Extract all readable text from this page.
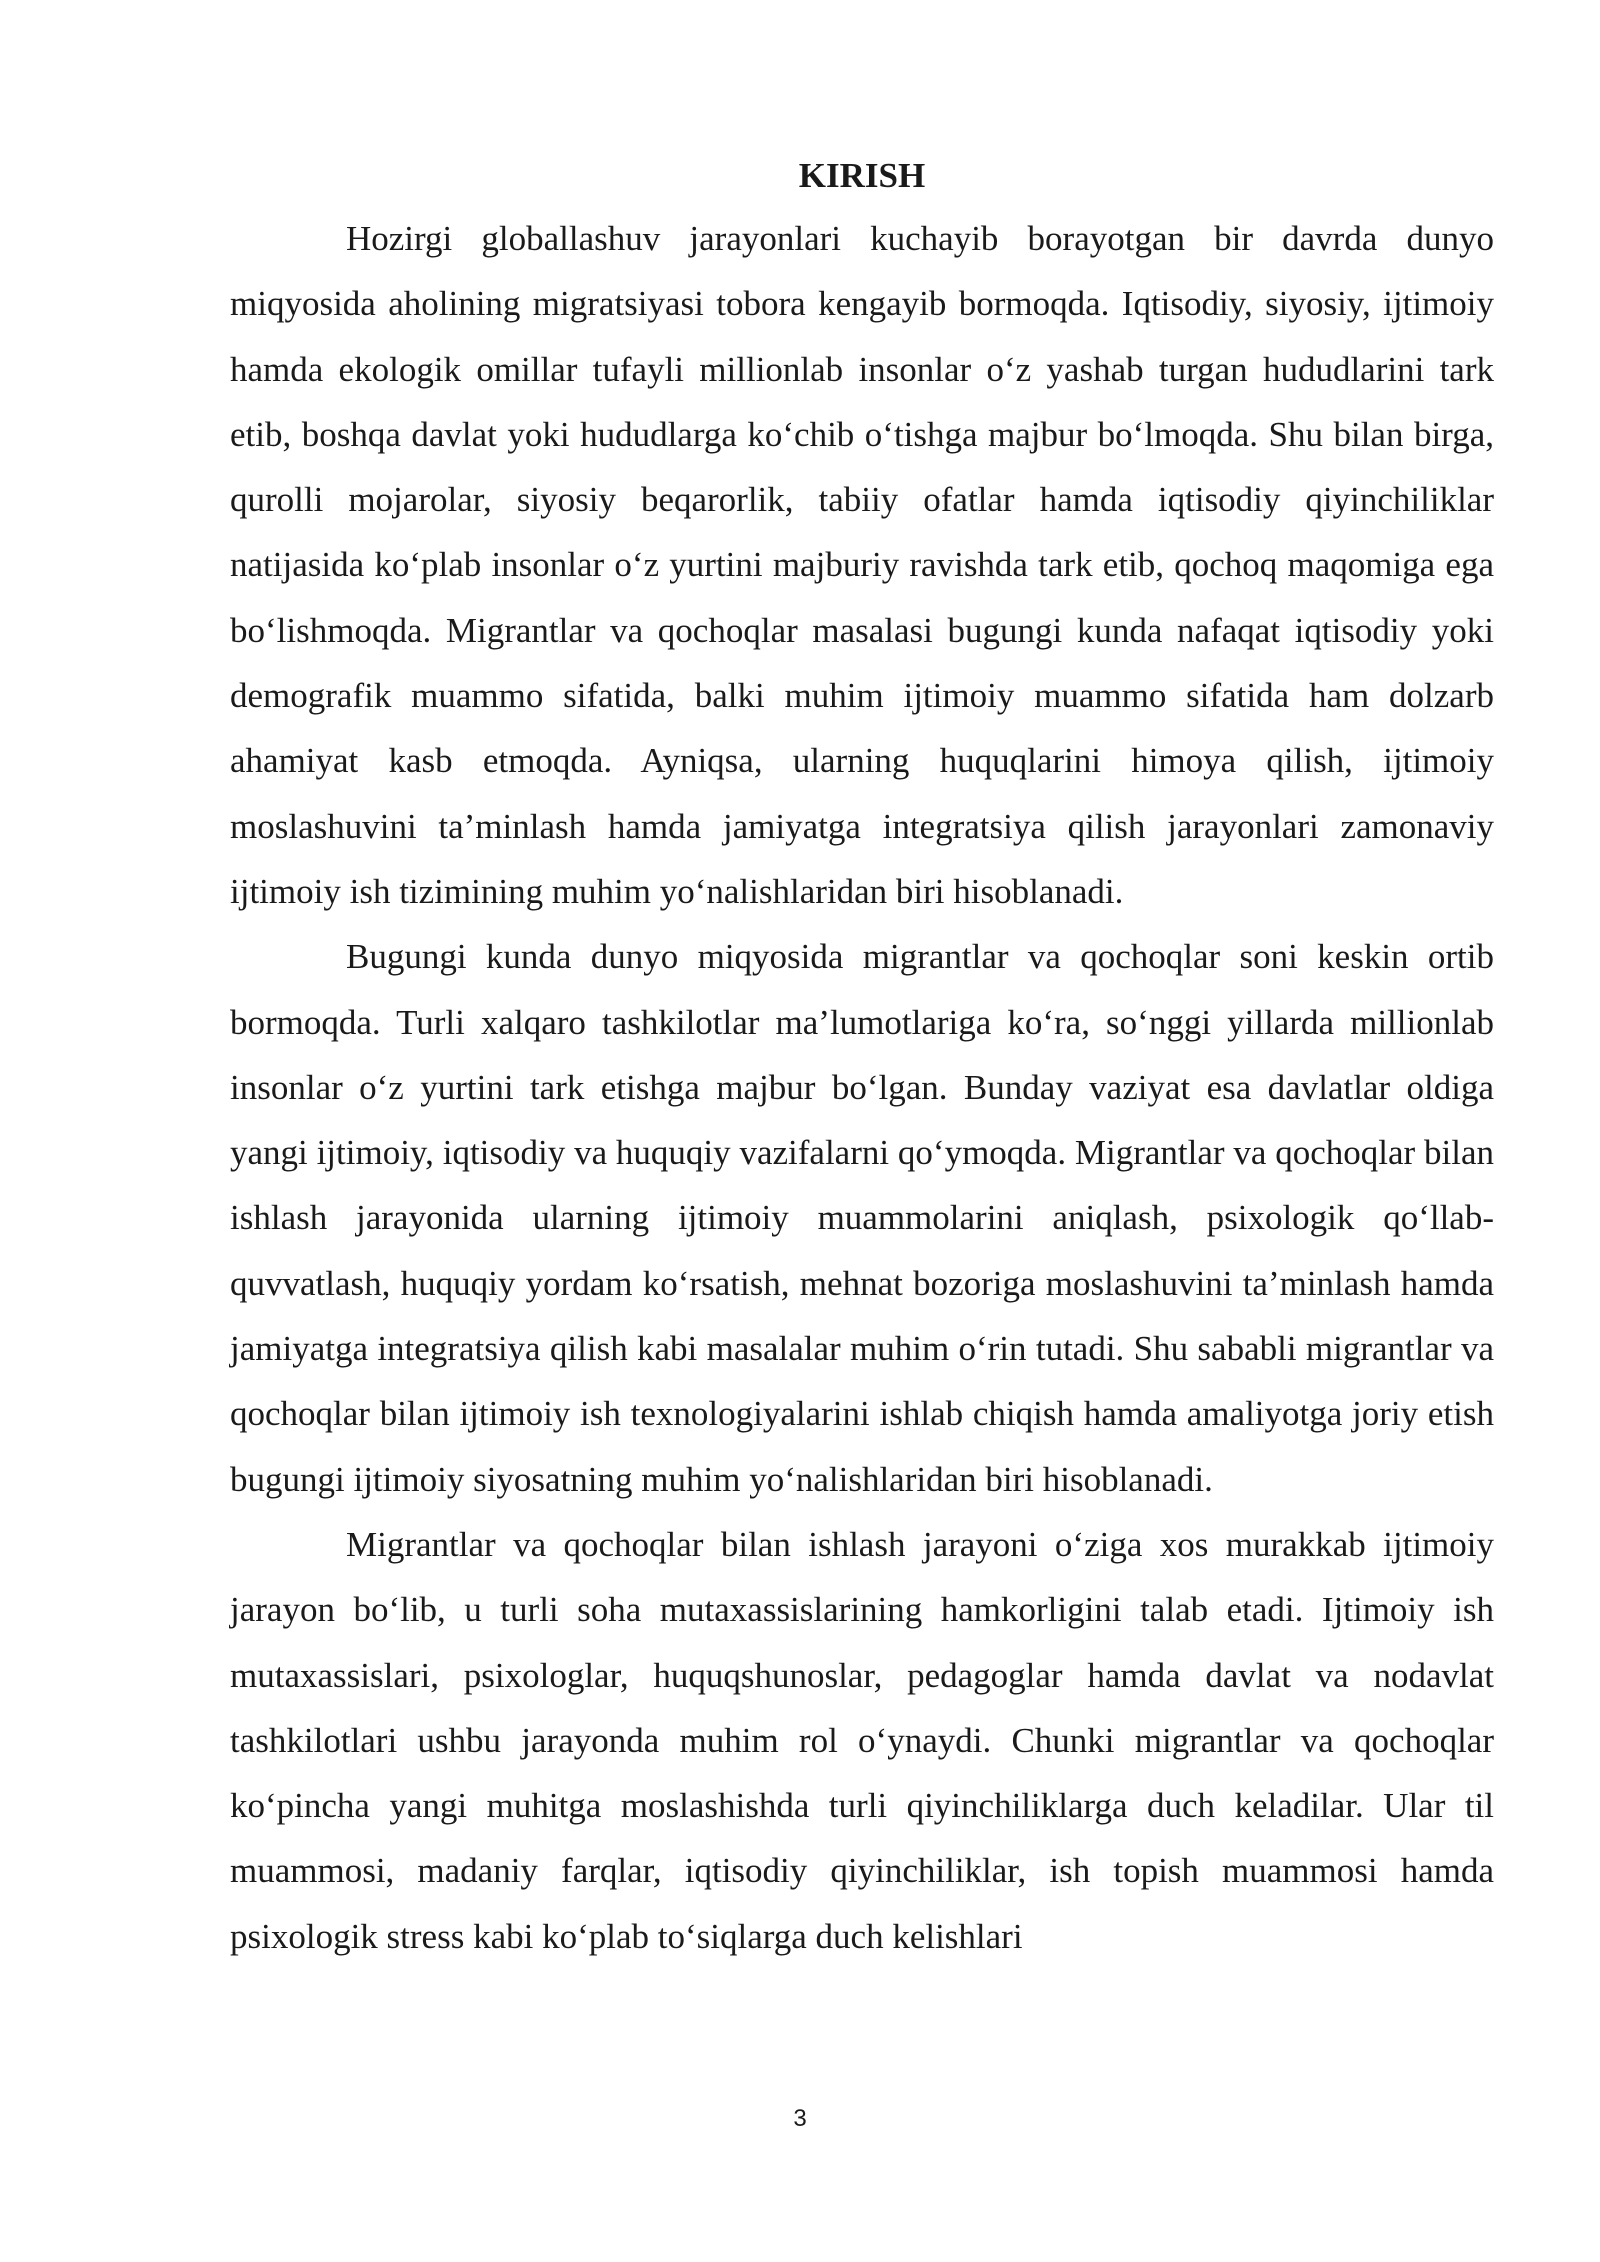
KIRISH

Hozirgi globallashuv jarayonlari kuchayib borayotgan bir davrda dunyo miqyosida aholining migratsiyasi tobora kengayib bormoqda. Iqtisodiy, siyosiy, ijtimoiy hamda ekologik omillar tufayli millionlab insonlar o‘z yashab turgan hududlarini tark etib, boshqa davlat yoki hududlarga ko‘chib o‘tishga majbur bo‘lmoqda. Shu bilan birga, qurolli mojarolar, siyosiy beqarorlik, tabiiy ofatlar hamda iqtisodiy qiyinchiliklar natijasida ko‘plab insonlar o‘z yurtini majburiy ravishda tark etib, qochoq maqomiga ega bo‘lishmoqda. Migrantlar va qochoqlar masalasi bugungi kunda nafaqat iqtisodiy yoki demografik muammo sifatida, balki muhim ijtimoiy muammo sifatida ham dolzarb ahamiyat kasb etmoqda. Ayniqsa, ularning huquqlarini himoya qilish, ijtimoiy moslashuvini ta’minlash hamda jamiyatga integratsiya qilish jarayonlari zamonaviy ijtimoiy ish tizimining muhim yo‘nalishlaridan biri hisoblanadi.

Bugungi kunda dunyo miqyosida migrantlar va qochoqlar soni keskin ortib bormoqda. Turli xalqaro tashkilotlar ma’lumotlariga ko‘ra, so‘nggi yillarda millionlab insonlar o‘z yurtini tark etishga majbur bo‘lgan. Bunday vaziyat esa davlatlar oldiga yangi ijtimoiy, iqtisodiy va huquqiy vazifalarni qo‘ymoqda. Migrantlar va qochoqlar bilan ishlash jarayonida ularning ijtimoiy muammolarini aniqlash, psixologik qo‘llab-quvvatlash, huquqiy yordam ko‘rsatish, mehnat bozoriga moslashuvini ta’minlash hamda jamiyatga integratsiya qilish kabi masalalar muhim o‘rin tutadi. Shu sababli migrantlar va qochoqlar bilan ijtimoiy ish texnologiyalarini ishlab chiqish hamda amaliyotga joriy etish bugungi ijtimoiy siyosatning muhim yo‘nalishlaridan biri hisoblanadi.

Migrantlar va qochoqlar bilan ishlash jarayoni o‘ziga xos murakkab ijtimoiy jarayon bo‘lib, u turli soha mutaxassislarining hamkorligini talab etadi. Ijtimoiy ish mutaxassislari, psixologlar, huquqshunoslar, pedagoglar hamda davlat va nodavlat tashkilotlari ushbu jarayonda muhim rol o‘ynaydi. Chunki migrantlar va qochoqlar ko‘pincha yangi muhitga moslashishda turli qiyinchiliklarga duch keladilar. Ular til muammosi, madaniy farqlar, iqtisodiy qiyinchiliklar, ish topish muammosi hamda psixologik stress kabi ko‘plab to‘siqlarga duch kelishlari

3
